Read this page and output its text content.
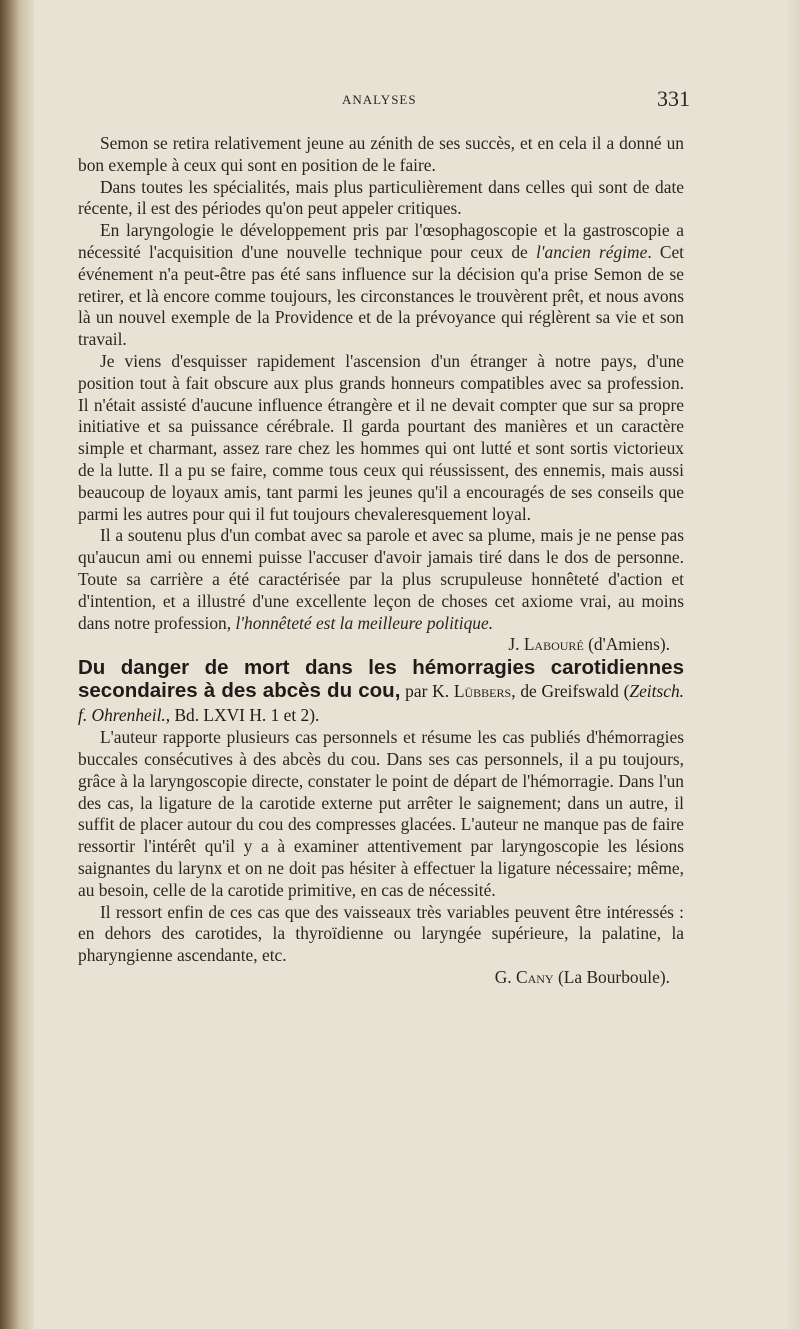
ANALYSES	331

Semon se retira relativement jeune au zénith de ses succès, et en cela il a donné un bon exemple à ceux qui sont en position de le faire.

Dans toutes les spécialités, mais plus particulièrement dans celles qui sont de date récente, il est des périodes qu'on peut appeler critiques.

En laryngologie le développement pris par l'œsophagoscopie et la gastroscopie a nécessité l'acquisition d'une nouvelle technique pour ceux de l'ancien régime. Cet événement n'a peut-être pas été sans influence sur la décision qu'a prise Semon de se retirer, et là encore comme toujours, les circonstances le trouvèrent prêt, et nous avons là un nouvel exemple de la Providence et de la prévoyance qui réglèrent sa vie et son travail.

Je viens d'esquisser rapidement l'ascension d'un étranger à notre pays, d'une position tout à fait obscure aux plus grands honneurs compatibles avec sa profession. Il n'était assisté d'aucune influence étrangère et il ne devait compter que sur sa propre initiative et sa puissance cérébrale. Il garda pourtant des manières et un caractère simple et charmant, assez rare chez les hommes qui ont lutté et sont sortis victorieux de la lutte. Il a pu se faire, comme tous ceux qui réussissent, des ennemis, mais aussi beaucoup de loyaux amis, tant parmi les jeunes qu'il a encouragés de ses conseils que parmi les autres pour qui il fut toujours chevaleresquement loyal.

Il a soutenu plus d'un combat avec sa parole et avec sa plume, mais je ne pense pas qu'aucun ami ou ennemi puisse l'accuser d'avoir jamais tiré dans le dos de personne. Toute sa carrière a été caractérisée par la plus scrupuleuse honnêteté d'action et d'intention, et a illustré d'une excellente leçon de choses cet axiome vrai, au moins dans notre profession, l'honnêteté est la meilleure politique.

J. Labouré (d'Amiens).

Du danger de mort dans les hémorragies carotidiennes secondaires à des abcès du cou, par K. Lübbers, de Greifswald (Zeitsch. f. Ohrenheil., Bd. LXVI H. 1 et 2).

L'auteur rapporte plusieurs cas personnels et résume les cas publiés d'hémorragies buccales consécutives à des abcès du cou. Dans ses cas personnels, il a pu toujours, grâce à la laryngoscopie directe, constater le point de départ de l'hémorragie. Dans l'un des cas, la ligature de la carotide externe put arrêter le saignement; dans un autre, il suffit de placer autour du cou des compresses glacées. L'auteur ne manque pas de faire ressortir l'intérêt qu'il y a à examiner attentivement par laryngoscopie les lésions saignantes du larynx et on ne doit pas hésiter à effectuer la ligature nécessaire; même, au besoin, celle de la carotide primitive, en cas de nécessité.

Il ressort enfin de ces cas que des vaisseaux très variables peuvent être intéressés : en dehors des carotides, la thyroïdienne ou laryngée supérieure, la palatine, la pharyngienne ascendante, etc.

G. Cany (La Bourboule).
